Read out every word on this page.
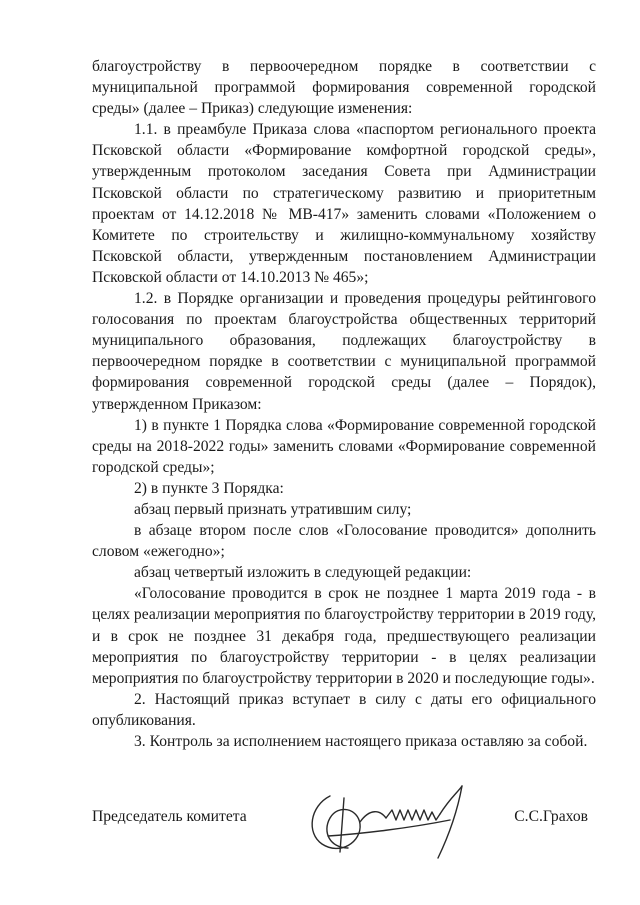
благоустройству в первоочередном порядке в соответствии с муниципальной программой формирования современной городской среды» (далее – Приказ) следующие изменения:

1.1. в преамбуле Приказа слова «паспортом регионального проекта Псковской области «Формирование комфортной городской среды», утвержденным протоколом заседания Совета при Администрации Псковской области по стратегическому развитию и приоритетным проектам от 14.12.2018 № МВ-417» заменить словами «Положением о Комитете по строительству и жилищно-коммунальному хозяйству Псковской области, утвержденным постановлением Администрации Псковской области от 14.10.2013 № 465»;

1.2. в Порядке организации и проведения процедуры рейтингового голосования по проектам благоустройства общественных территорий муниципального образования, подлежащих благоустройству в первоочередном порядке в соответствии с муниципальной программой формирования современной городской среды (далее – Порядок), утвержденном Приказом:

1) в пункте 1 Порядка слова «Формирование современной городской среды на 2018-2022 годы» заменить словами «Формирование современной городской среды»;

2) в пункте 3 Порядка:

абзац первый признать утратившим силу;

в абзаце втором после слов «Голосование проводится» дополнить словом «ежегодно»;

абзац четвертый изложить в следующей редакции:

«Голосование проводится в срок не позднее 1 марта 2019 года - в целях реализации мероприятия по благоустройству территории в 2019 году, и в срок не позднее 31 декабря года, предшествующего реализации мероприятия по благоустройству территории - в целях реализации мероприятия по благоустройству территории в 2020 и последующие годы».

2. Настоящий приказ вступает в силу с даты его официального опубликования.

3. Контроль за исполнением настоящего приказа оставляю за собой.

Председатель комитета	С.С.Грахов
